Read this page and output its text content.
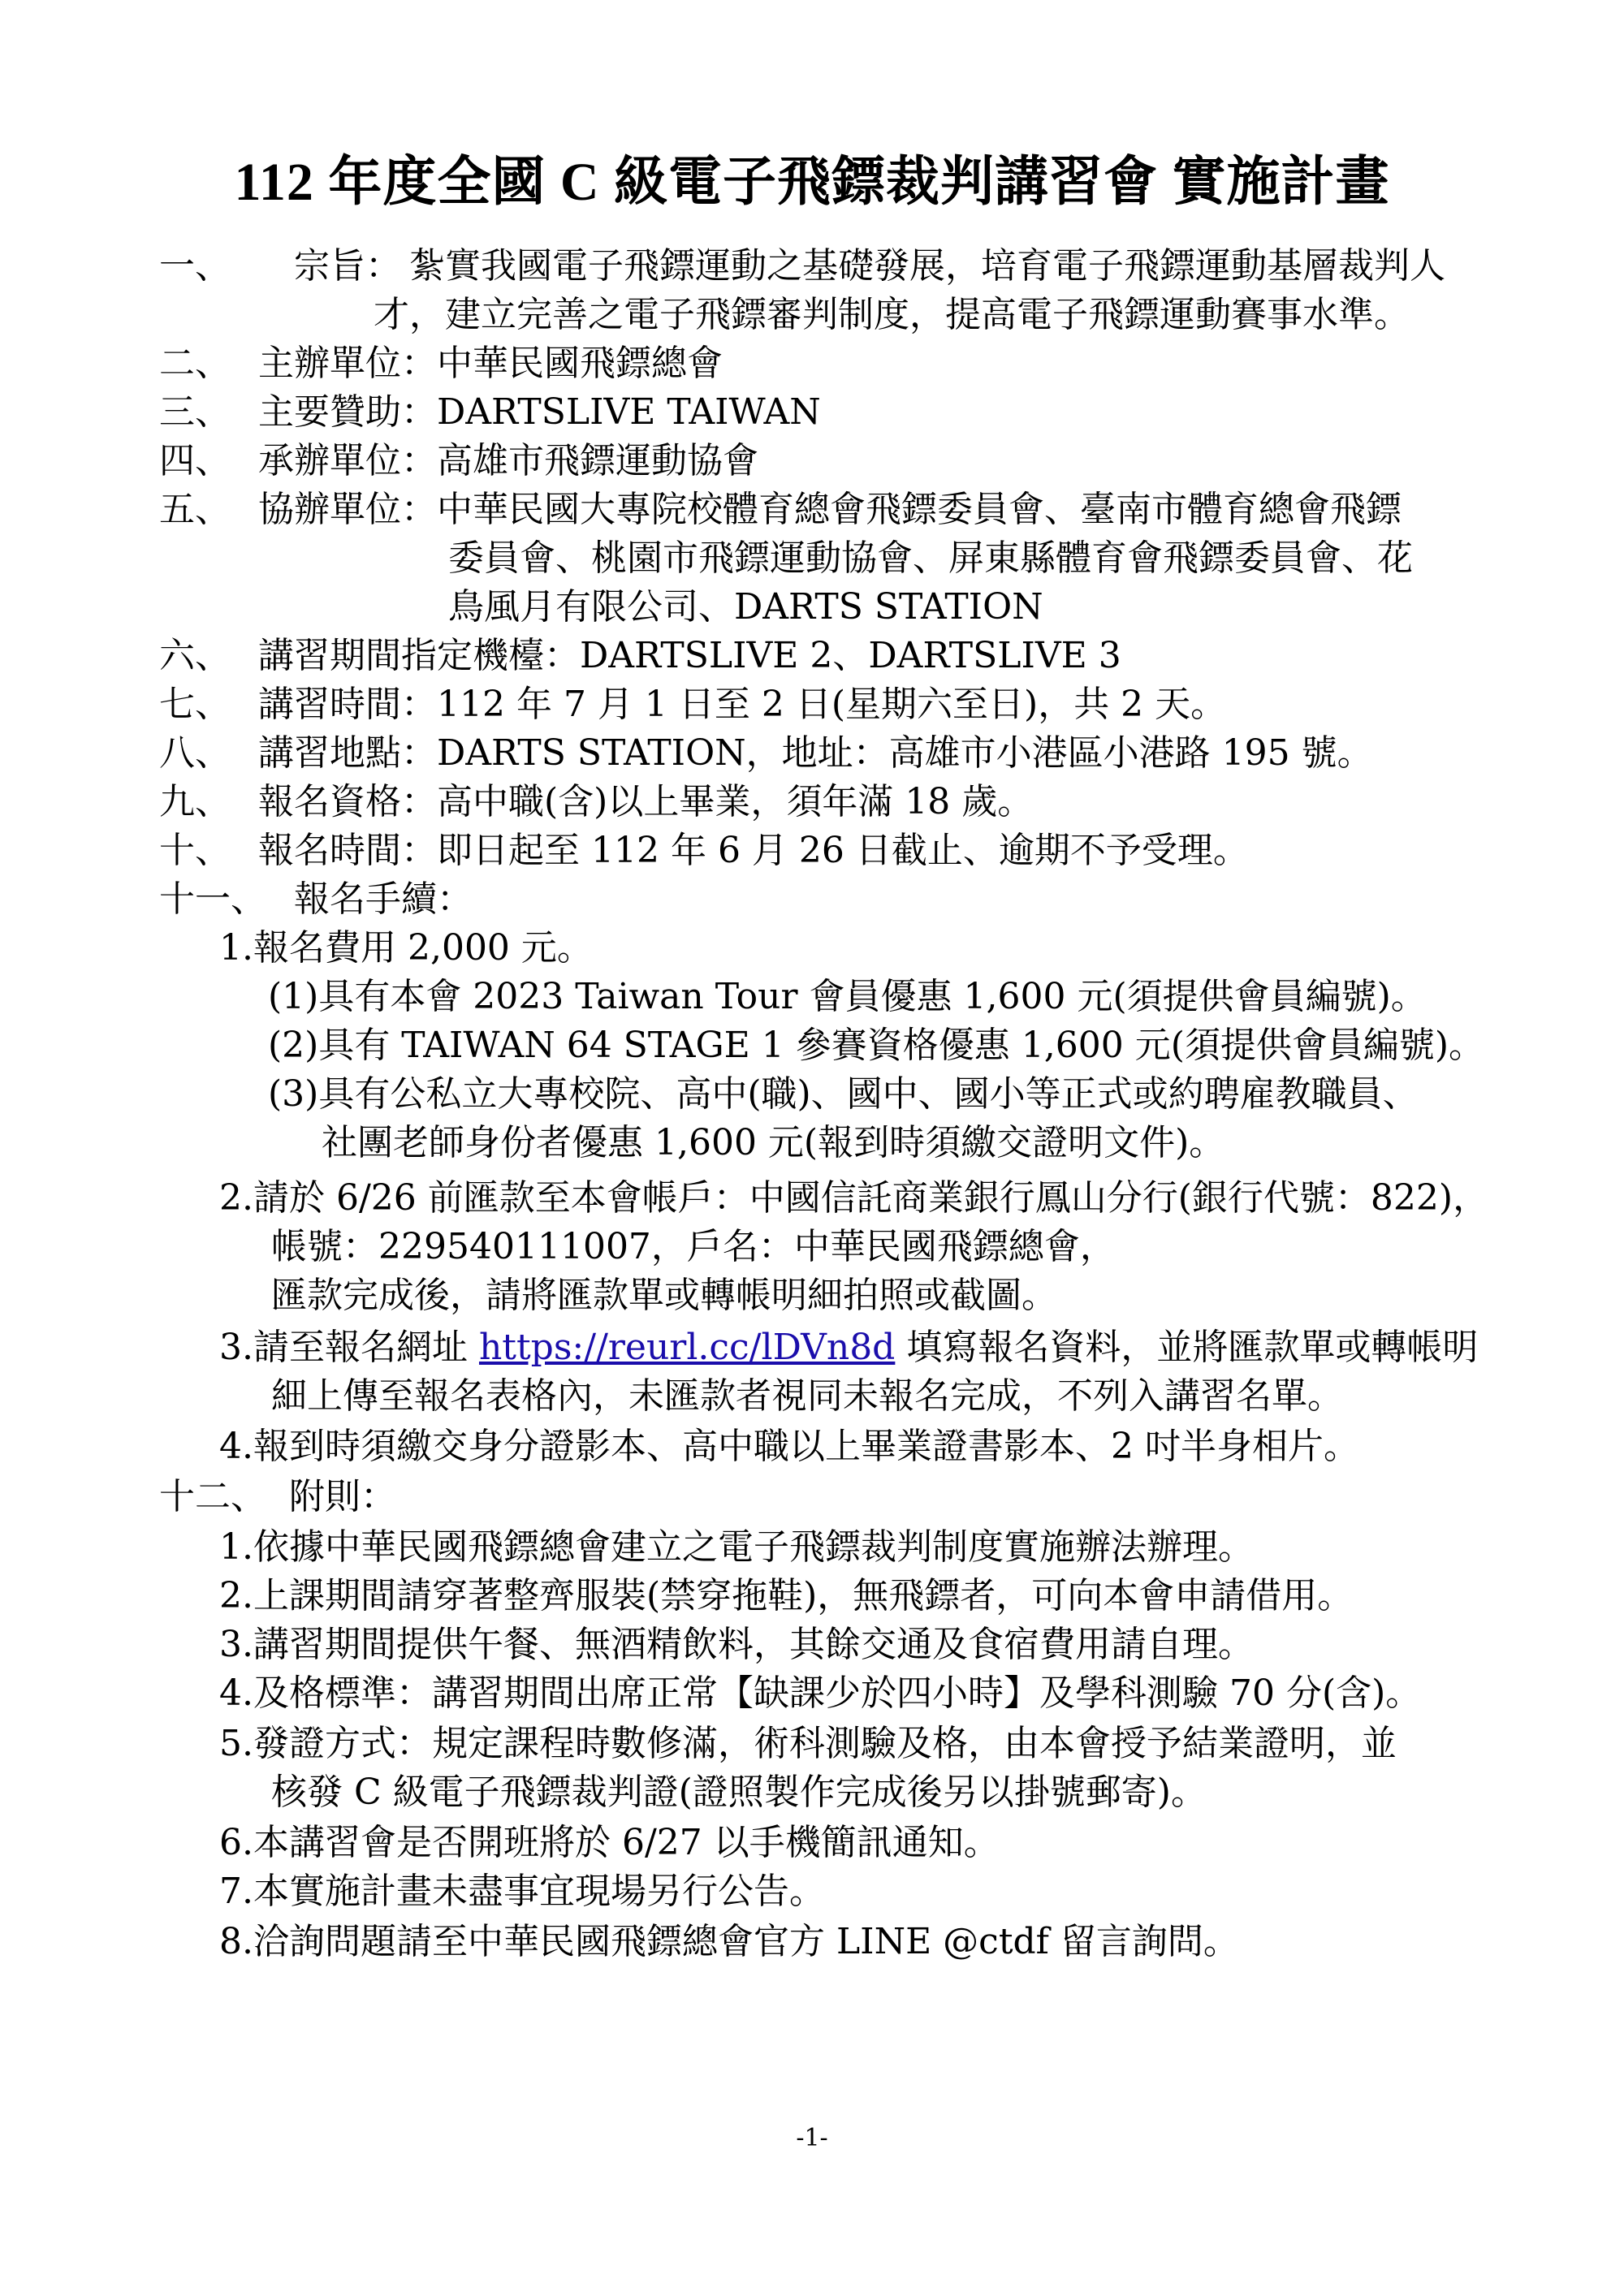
112 年度全國 C 級電子飛鏢裁判講習會 實施計畫
一、 宗旨： 紮實我國電子飛鏢運動之基礎發展，培育電子飛鏢運動基層裁判人
才，建立完善之電子飛鏢審判制度，提高電子飛鏢運動賽事水準。
二、 主辦單位：中華民國飛鏢總會
三、 主要贊助：DARTSLIVE TAIWAN
四、 承辦單位：高雄市飛鏢運動協會
五、 協辦單位：中華民國大專院校體育總會飛鏢委員會、臺南市體育總會飛鏢
委員會、桃園市飛鏢運動協會、屏東縣體育會飛鏢委員會、花
鳥風月有限公司、DARTS STATION
六、 講習期間指定機檯：DARTSLIVE 2、DARTSLIVE 3
七、 講習時間：112 年 7 月 1 日至 2 日(星期六至日)，共 2 天。
八、 講習地點：DARTS STATION，地址：高雄市小港區小港路 195 號。
九、 報名資格：高中職(含)以上畢業，須年滿 18 歲。
十、 報名時間：即日起至 112 年 6 月 26 日截止、逾期不予受理。
十一、 報名手續：
1.報名費用 2,000 元。
(1)具有本會 2023 Taiwan Tour 會員優惠 1,600 元(須提供會員編號)。
(2)具有 TAIWAN 64 STAGE 1 參賽資格優惠 1,600 元(須提供會員編號)。
(3)具有公私立大專校院、高中(職)、國中、國小等正式或約聘雇教職員、
社團老師身份者優惠 1,600 元(報到時須繳交證明文件)。
2.請於 6/26 前匯款至本會帳戶：中國信託商業銀行鳳山分行(銀行代號：822)，
帳號：229540111007，戶名：中華民國飛鏢總會，
匯款完成後，請將匯款單或轉帳明細拍照或截圖。
3.請至報名網址 https://reurl.cc/lDVn8d 填寫報名資料，並將匯款單或轉帳明
細上傳至報名表格內，未匯款者視同未報名完成，不列入講習名單。
4.報到時須繳交身分證影本、高中職以上畢業證書影本、2 吋半身相片。
十二、 附則：
1.依據中華民國飛鏢總會建立之電子飛鏢裁判制度實施辦法辦理。
2.上課期間請穿著整齊服裝(禁穿拖鞋)，無飛鏢者，可向本會申請借用。
3.講習期間提供午餐、無酒精飲料，其餘交通及食宿費用請自理。
4.及格標準：講習期間出席正常【缺課少於四小時】及學科測驗 70 分(含)。
5.發證方式：規定課程時數修滿，術科測驗及格，由本會授予結業證明，並
核發 C 級電子飛鏢裁判證(證照製作完成後另以掛號郵寄)。
6.本講習會是否開班將於 6/27 以手機簡訊通知。
7.本實施計畫未盡事宜現場另行公告。
8.洽詢問題請至中華民國飛鏢總會官方 LINE @ctdf 留言詢問。
-1-
